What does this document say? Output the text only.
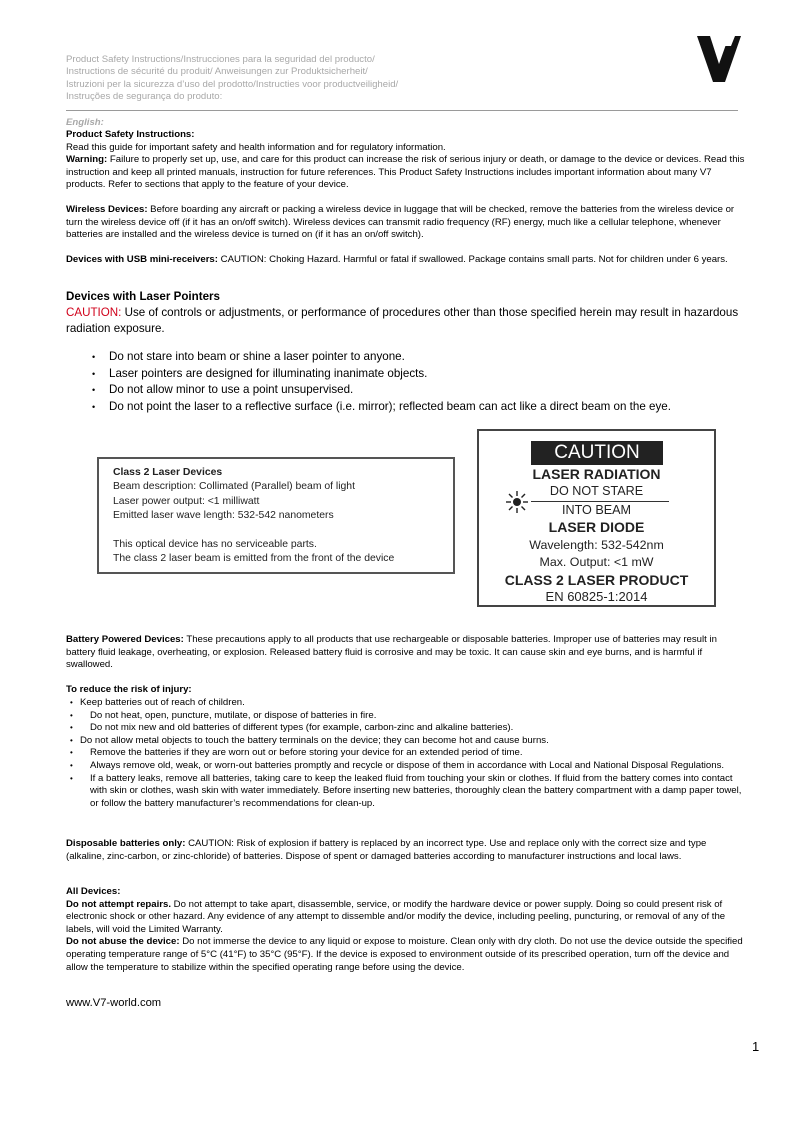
Product Safety Instructions/Instrucciones para la seguridad del producto/
Instructions de sécurité du produit/ Anweisungen zur Produktsicherheit/
Istruzioni per la sicurezza d’uso del prodotto/Instructies voor productveiligheid/
Instruções de segurança do produto:
English:
Product Safety Instructions:
Read this guide for important safety and health information and for regulatory information.
Warning: Failure to properly set up, use, and care for this product can increase the risk of serious injury or death, or damage to the device or devices. Read this instruction and keep all printed manuals, instruction for future references. This Product Safety Instructions includes important information about many V7 products. Refer to sections that apply to the feature of your device.
Wireless Devices: Before boarding any aircraft or packing a wireless device in luggage that will be checked, remove the batteries from the wireless device or turn the wireless device off (if it has an on/off switch). Wireless devices can transmit radio frequency (RF) energy, much like a cellular telephone, whenever batteries are installed and the wireless device is turned on (if it has an on/off switch).
Devices with USB mini-receivers: CAUTION: Choking Hazard. Harmful or fatal if swallowed. Package contains small parts. Not for children under 6 years.
Devices with Laser Pointers
CAUTION: Use of controls or adjustments, or performance of procedures other than those specified herein may result in hazardous radiation exposure.
• Do not stare into beam or shine a laser pointer to anyone.
• Laser pointers are designed for illuminating inanimate objects.
• Do not allow minor to use a point unsupervised.
• Do not point the laser to a reflective surface (i.e. mirror); reflected beam can act like a direct beam on the eye.
Class 2 Laser Devices
Beam description: Collimated (Parallel) beam of light
Laser power output: <1 milliwatt
Emitted laser wave length: 532-542 nanometers
This optical device has no serviceable parts.
The class 2 laser beam is emitted from the front of the device
CAUTION
LASER RADIATION
DO NOT STARE
INTO BEAM
LASER DIODE
Wavelength: 532-542nm
Max. Output: <1 mW
CLASS 2 LASER PRODUCT
EN 60825-1:2014
Battery Powered Devices: These precautions apply to all products that use rechargeable or disposable batteries. Improper use of batteries may result in battery fluid leakage, overheating, or explosion. Released battery fluid is corrosive and may be toxic. It can cause skin and eye burns, and is harmful if swallowed.
To reduce the risk of injury:
• Keep batteries out of reach of children.
• Do not heat, open, puncture, mutilate, or dispose of batteries in fire.
• Do not mix new and old batteries of different types (for example, carbon-zinc and alkaline batteries).
• Do not allow metal objects to touch the battery terminals on the device; they can become hot and cause burns.
• Remove the batteries if they are worn out or before storing your device for an extended period of time.
• Always remove old, weak, or worn-out batteries promptly and recycle or dispose of them in accordance with Local and National Disposal Regulations.
• If a battery leaks, remove all batteries, taking care to keep the leaked fluid from touching your skin or clothes. If fluid from the battery comes into contact with skin or clothes, wash skin with water immediately. Before inserting new batteries, thoroughly clean the battery compartment with a damp paper towel, or follow the battery manufacturer’s recommendations for clean-up.
Disposable batteries only: CAUTION: Risk of explosion if battery is replaced by an incorrect type. Use and replace only with the correct size and type (alkaline, zinc-carbon, or zinc-chloride) of batteries. Dispose of spent or damaged batteries according to manufacturer instructions and local laws.
All Devices:
Do not attempt repairs. Do not attempt to take apart, disassemble, service, or modify the hardware device or power supply. Doing so could present risk of electronic shock or other hazard. Any evidence of any attempt to dissemble and/or modify the device, including peeling, puncturing, or removal of any of the labels, will void the Limited Warranty.
Do not abuse the device: Do not immerse the device to any liquid or expose to moisture. Clean only with dry cloth. Do not use the device outside the specified operating temperature range of 5°C (41°F) to 35°C (95°F). If the device is exposed to environment outside of its prescribed operation, turn off the device and allow the temperature to stabilize within the specified operating range before using the device.
www.V7-world.com
1
